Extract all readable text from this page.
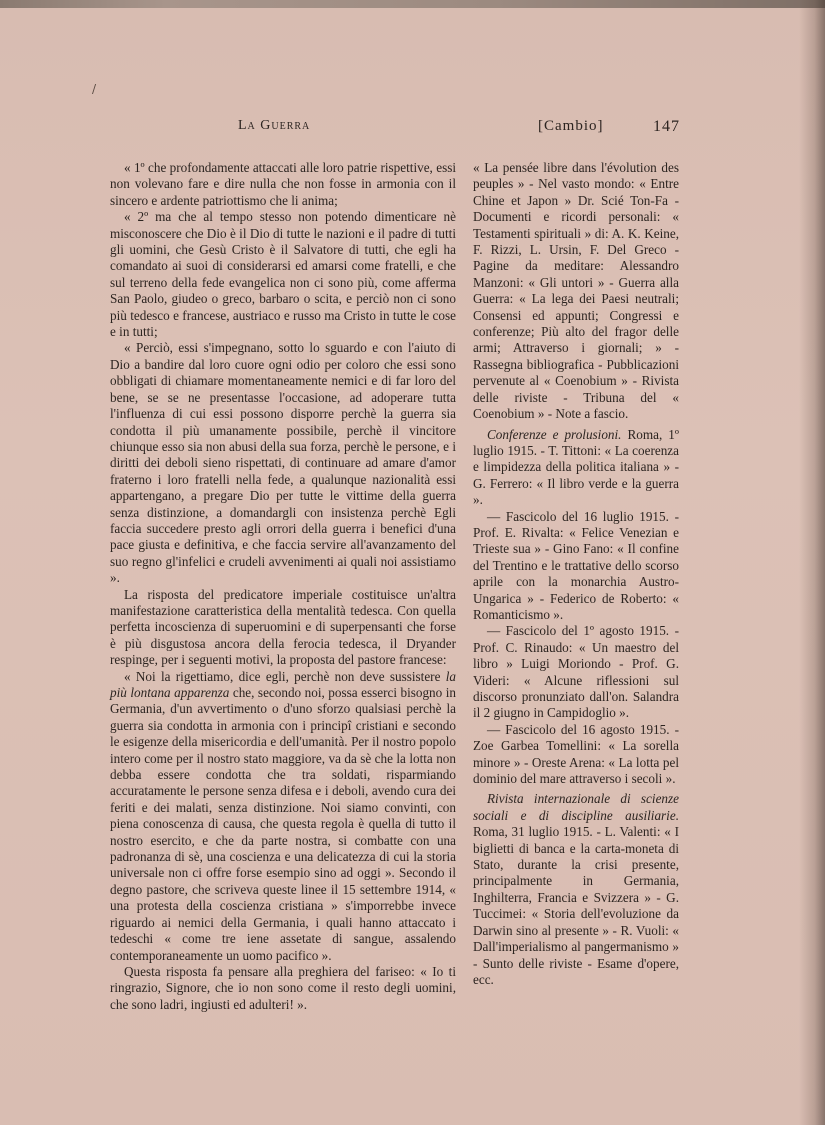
/
La Guerra	[Cambio]	147

« 1º che profondamente attaccati alle loro patrie rispettive, essi non volevano fare e dire nulla che non fosse in armonia con il sincero e ardente patriottismo che li anima;

« 2º ma che al tempo stesso non potendo dimenticare nè misconoscere che Dio è il Dio di tutte le nazioni e il padre di tutti gli uomini, che Gesù Cristo è il Salvatore di tutti, che egli ha comandato ai suoi di considerarsi ed amarsi come fratelli, e che sul terreno della fede evangelica non ci sono più, come afferma San Paolo, giudeo o greco, barbaro o scita, e perciò non ci sono più tedesco e francese, austriaco e russo ma Cristo in tutte le cose e in tutti;

« Perciò, essi s'impegnano, sotto lo sguardo e con l'aiuto di Dio a bandire dal loro cuore ogni odio per coloro che essi sono obbligati di chiamare momentaneamente nemici e di far loro del bene, se se ne presentasse l'occasione, ad adoperare tutta l'influenza di cui essi possono disporre perchè la guerra sia condotta il più umanamente possibile, perchè il vincitore chiunque esso sia non abusi della sua forza, perchè le persone, e i diritti dei deboli sieno rispettati, di continuare ad amare d'amor fraterno i loro fratelli nella fede, a qualunque nazionalità essi appartengano, a pregare Dio per tutte le vittime della guerra senza distinzione, a domandargli con insistenza perchè Egli faccia succedere presto agli orrori della guerra i benefici d'una pace giusta e definitiva, e che faccia servire all'avanzamento del suo regno gl'infelici e crudeli avvenimenti ai quali noi assistiamo ».

La risposta del predicatore imperiale costituisce un'altra manifestazione caratteristica della mentalità tedesca. Con quella perfetta incoscienza di superuomini e di superpensanti che forse è più disgustosa ancora della ferocia tedesca, il Dryander respinge, per i seguenti motivi, la proposta del pastore francese:

« Noi la rigettiamo, dice egli, perchè non deve sussistere la più lontana apparenza che, secondo noi, possa esserci bisogno in Germania, d'un avvertimento o d'uno sforzo qualsiasi perchè la guerra sia condotta in armonia con i principî cristiani e secondo le esigenze della misericordia e dell'umanità. Per il nostro popolo intero come per il nostro stato maggiore, va da sè che la lotta non debba essere condotta che tra soldati, risparmiando accuratamente le persone senza difesa e i deboli, avendo cura dei feriti e dei malati, senza distinzione. Noi siamo convinti, con piena conoscenza di causa, che questa regola è quella di tutto il nostro esercito, e che da parte nostra, si combatte con una padronanza di sè, una coscienza e una delicatezza di cui la storia universale non ci offre forse esempio sino ad oggi ». Secondo il degno pastore, che scriveva queste linee il 15 settembre 1914, « una protesta della coscienza cristiana » s'imporrebbe invece riguardo ai nemici della Germania, i quali hanno attaccato i tedeschi « come tre iene assetate di sangue, assalendo contemporaneamente un uomo pacifico ».

Questa risposta fa pensare alla preghiera del fariseo: « Io ti ringrazio, Signore, che io non sono come il resto degli uomini, che sono ladri, ingiusti ed adulteri! ».

« La pensée libre dans l'évolution des peuples » - Nel vasto mondo: « Entre Chine et Japon » Dr. Scié Ton-Fa - Documenti e ricordi personali: « Testamenti spirituali » di: A. K. Keine, F. Rizzi, L. Ursin, F. Del Greco - Pagine da meditare: Alessandro Manzoni: « Gli untori » - Guerra alla Guerra: « La lega dei Paesi neutrali; Consensi ed appunti; Congressi e conferenze; Più alto del fragor delle armi; Attraverso i giornali; » - Rassegna bibliografica - Pubblicazioni pervenute al « Coenobium » - Rivista delle riviste - Tribuna del « Coenobium » - Note a fascio.

Conferenze e prolusioni. Roma, 1º luglio 1915. - T. Tittoni: « La coerenza e limpidezza della politica italiana » - G. Ferrero: « Il libro verde e la guerra ».

— Fascicolo del 16 luglio 1915. - Prof. E. Rivalta: « Felice Venezian e Trieste sua » - Gino Fano: « Il confine del Trentino e le trattative dello scorso aprile con la monarchia Austro-Ungarica » - Federico de Roberto: « Romanticismo ».

— Fascicolo del 1º agosto 1915. - Prof. C. Rinaudo: « Un maestro del libro » Luigi Moriondo - Prof. G. Videri: « Alcune riflessioni sul discorso pronunziato dall'on. Salandra il 2 giugno in Campidoglio ».

— Fascicolo del 16 agosto 1915. - Zoe Garbea Tomellini: « La sorella minore » - Oreste Arena: « La lotta pel dominio del mare attraverso i secoli ».

Rivista internazionale di scienze sociali e di discipline ausiliarie. Roma, 31 luglio 1915. - L. Valenti: « I biglietti di banca e la carta-moneta di Stato, durante la crisi presente, principalmente in Germania, Inghilterra, Francia e Svizzera » - G. Tuccimei: « Storia dell'evoluzione da Darwin sino al presente » - R. Vuoli: « Dall'imperialismo al pangermanismo » - Sunto delle riviste - Esame d'opere, ecc.
